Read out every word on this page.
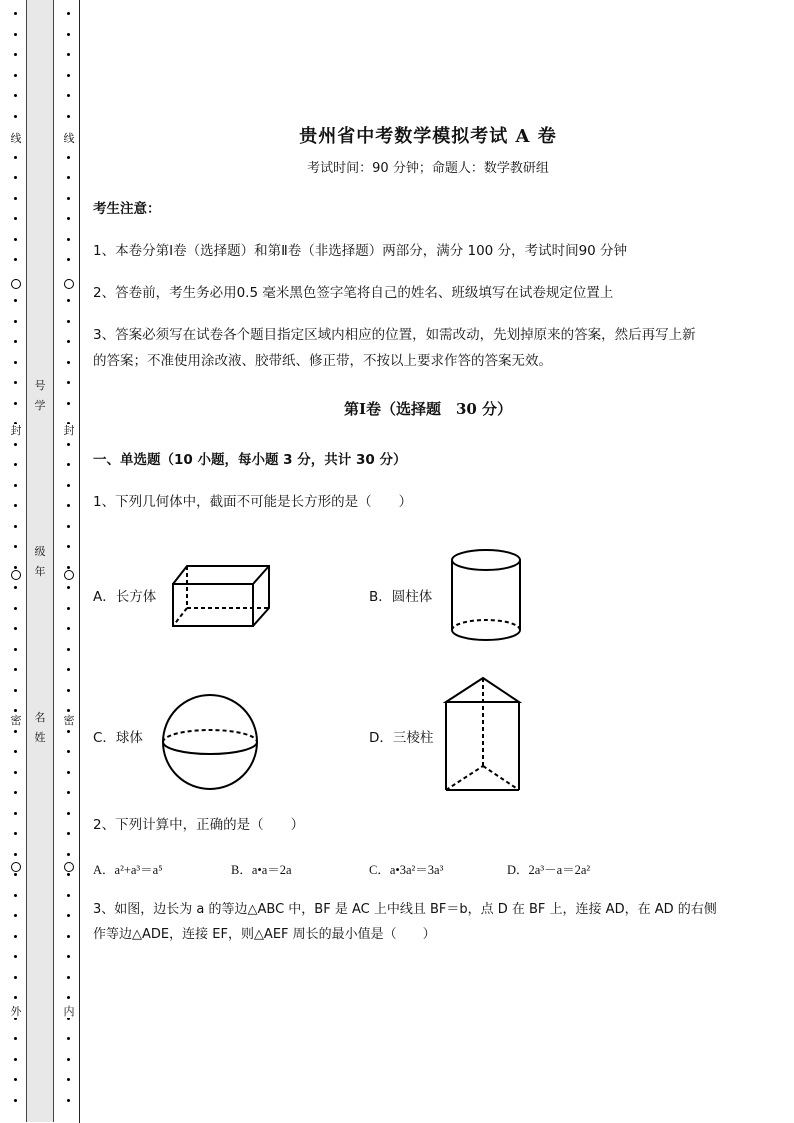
线
封
密
外
号
学
级
年
名
姓
线
封
密
内
贵州省中考数学模拟考试 A 卷
考试时间：90 分钟；命题人：数学教研组
考生注意：
1、本卷分第Ⅰ卷（选择题）和第Ⅱ卷（非选择题）两部分，满分 100 分，考试时间90 分钟
2、答卷前，考生务必用0.5 毫米黑色签字笔将自己的姓名、班级填写在试卷规定位置上
3、答案必须写在试卷各个题目指定区域内相应的位置，如需改动，先划掉原来的答案，然后再写上新
的答案；不准使用涂改液、胶带纸、修正带，不按以上要求作答的答案无效。
第Ⅰ卷（选择题　30 分）
一、单选题（10 小题，每小题 3 分，共计 30 分）
1、下列几何体中，截面不可能是长方形的是（　　）
A．长方体	B．圆柱体
C．球体	D．三棱柱
2、下列计算中，正确的是（　　）
A．a²+a³＝a⁵	B．a•a＝2a	C．a•3a²＝3a³	D．2a³－a＝2a²
3、如图，边长为 a 的等边△ABC 中，BF 是 AC 上中线且 BF＝b，点 D 在 BF 上，连接 AD，在 AD 的右侧
作等边△ADE，连接 EF，则△AEF 周长的最小值是（　　）
